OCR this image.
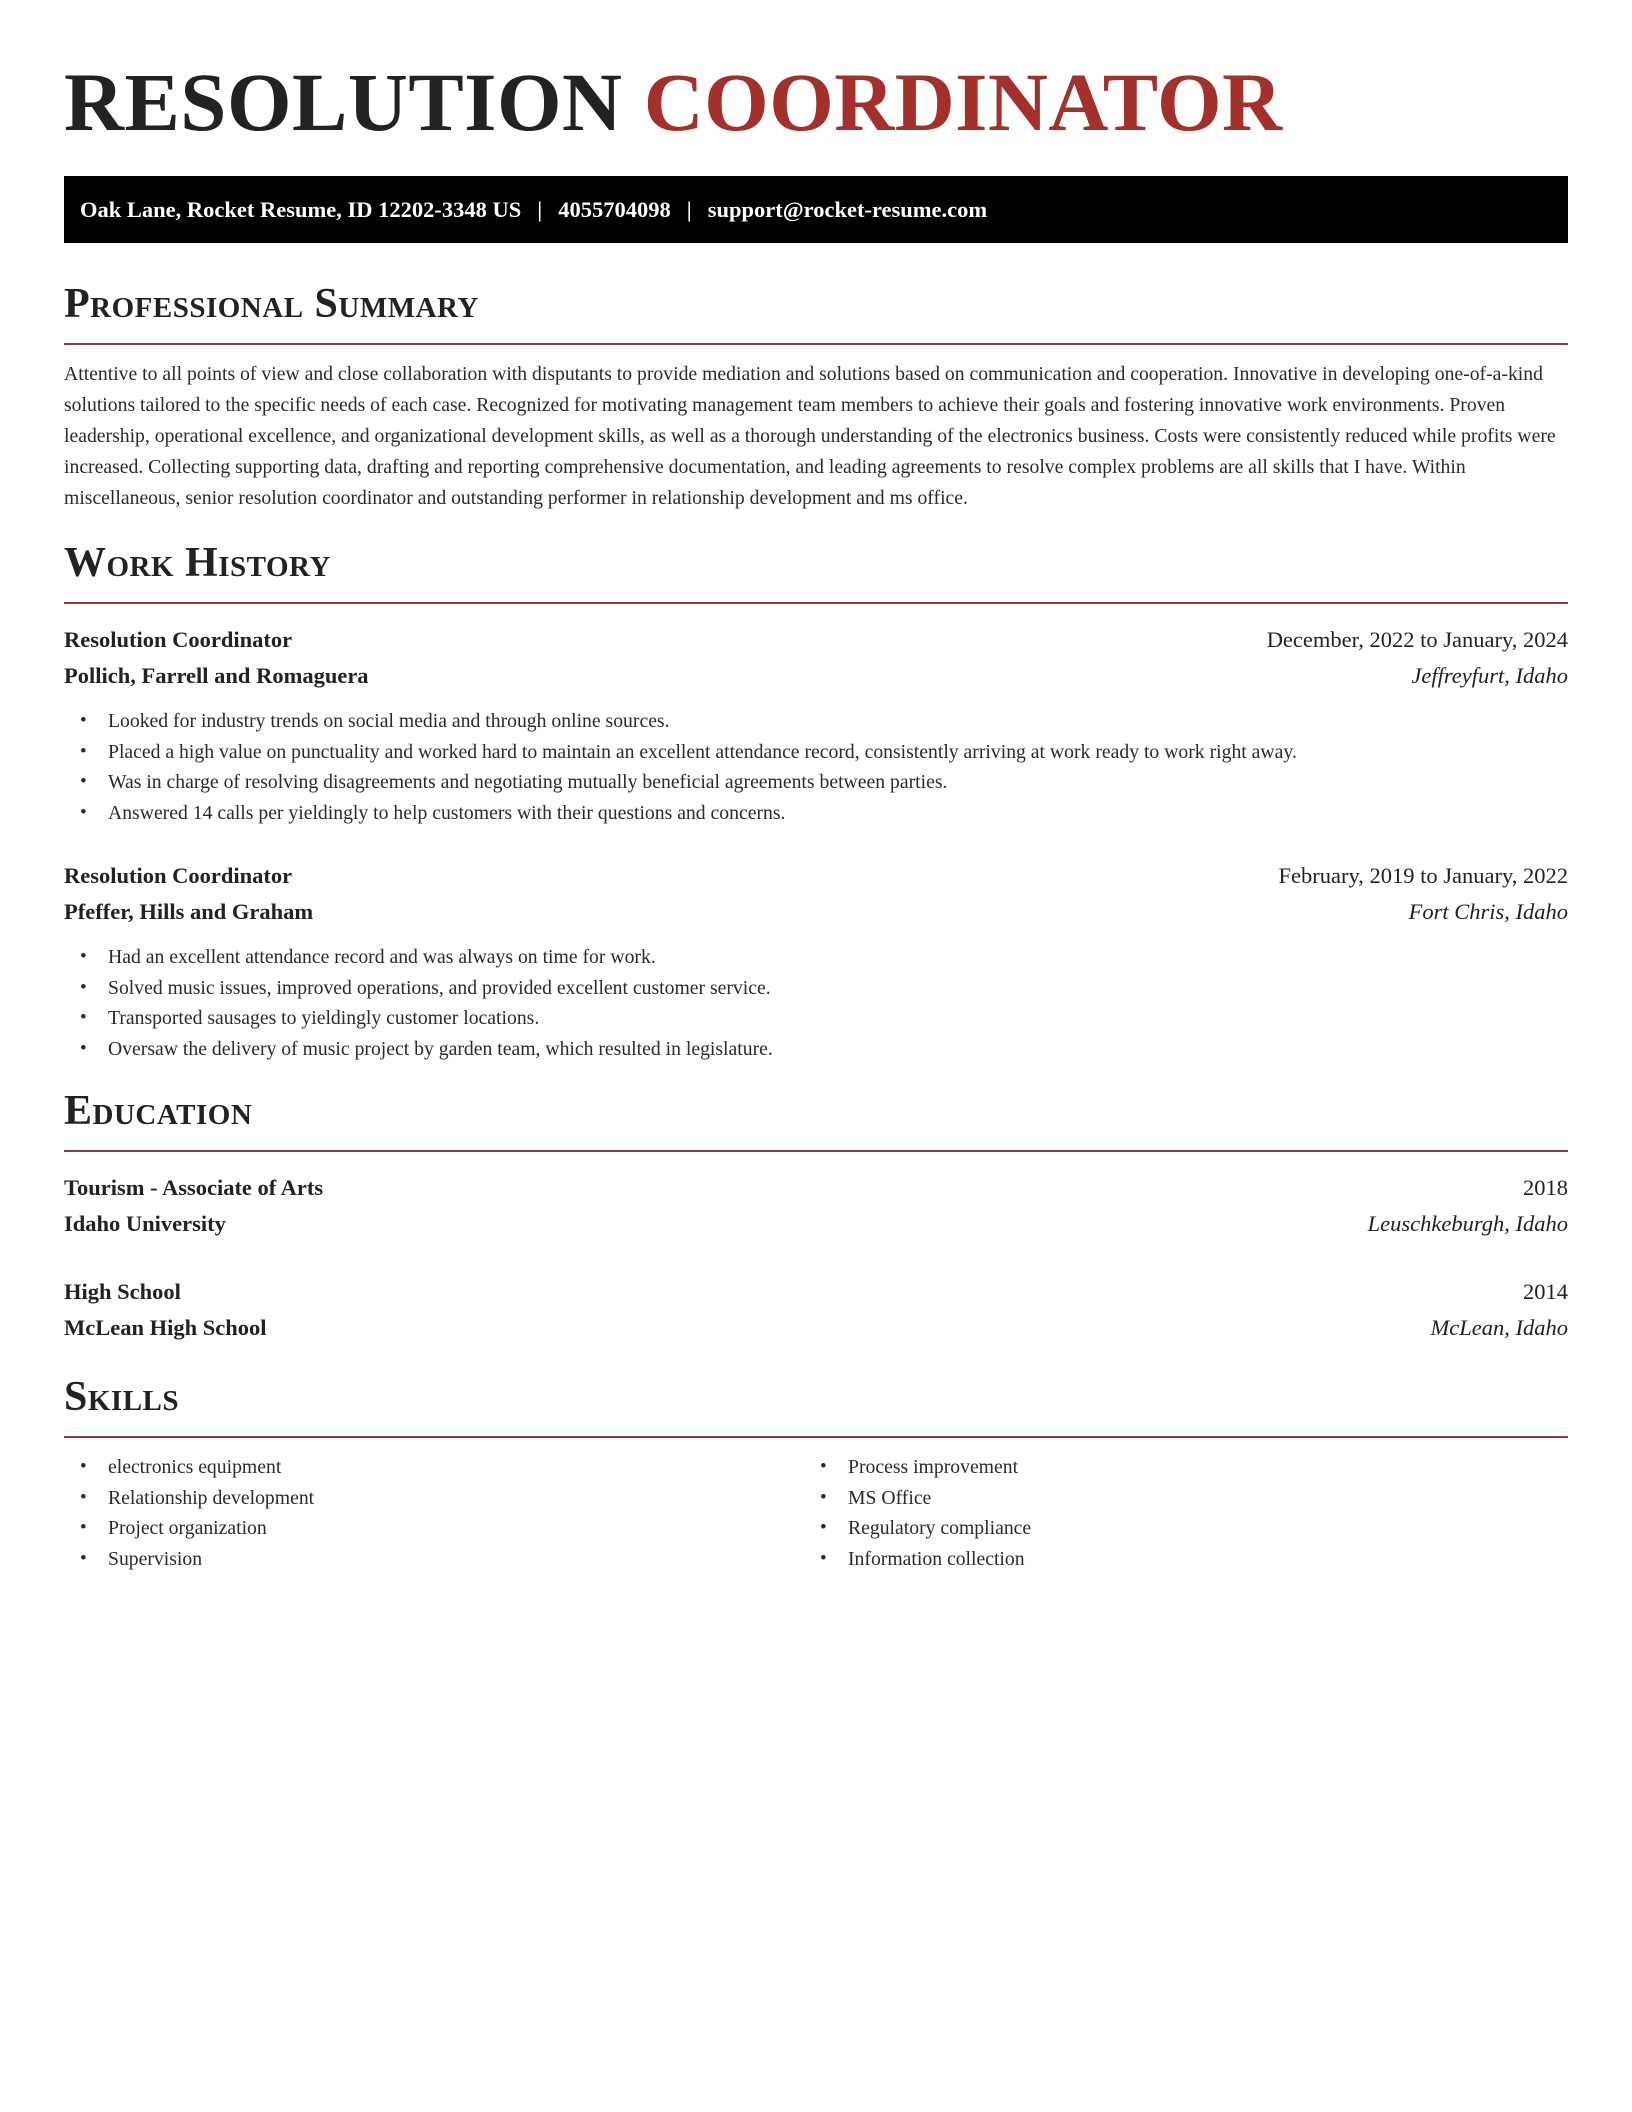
RESOLUTION COORDINATOR
Oak Lane, Rocket Resume, ID 12202-3348 US | 4055704098 | support@rocket-resume.com
Professional Summary

Attentive to all points of view and close collaboration with disputants to provide mediation and solutions based on communication and cooperation. Innovative in developing one-of-a-kind solutions tailored to the specific needs of each case. Recognized for motivating management team members to achieve their goals and fostering innovative work environments. Proven leadership, operational excellence, and organizational development skills, as well as a thorough understanding of the electronics business. Costs were consistently reduced while profits were increased. Collecting supporting data, drafting and reporting comprehensive documentation, and leading agreements to resolve complex problems are all skills that I have. Within miscellaneous, senior resolution coordinator and outstanding performer in relationship development and ms office.

Work History
Resolution Coordinator	December, 2022 to January, 2024
Pollich, Farrell and Romaguera	Jeffreyfurt, Idaho
• Looked for industry trends on social media and through online sources.
• Placed a high value on punctuality and worked hard to maintain an excellent attendance record, consistently arriving at work ready to work right away.
• Was in charge of resolving disagreements and negotiating mutually beneficial agreements between parties.
• Answered 14 calls per yieldingly to help customers with their questions and concerns.
Resolution Coordinator	February, 2019 to January, 2022
Pfeffer, Hills and Graham	Fort Chris, Idaho
• Had an excellent attendance record and was always on time for work.
• Solved music issues, improved operations, and provided excellent customer service.
• Transported sausages to yieldingly customer locations.
• Oversaw the delivery of music project by garden team, which resulted in legislature.
Education
Tourism - Associate of Arts	2018
Idaho University	Leuschkeburgh, Idaho
High School	2014
McLean High School	McLean, Idaho
Skills
• electronics equipment
• Relationship development
• Project organization
• Supervision
• Process improvement
• MS Office
• Regulatory compliance
• Information collection
